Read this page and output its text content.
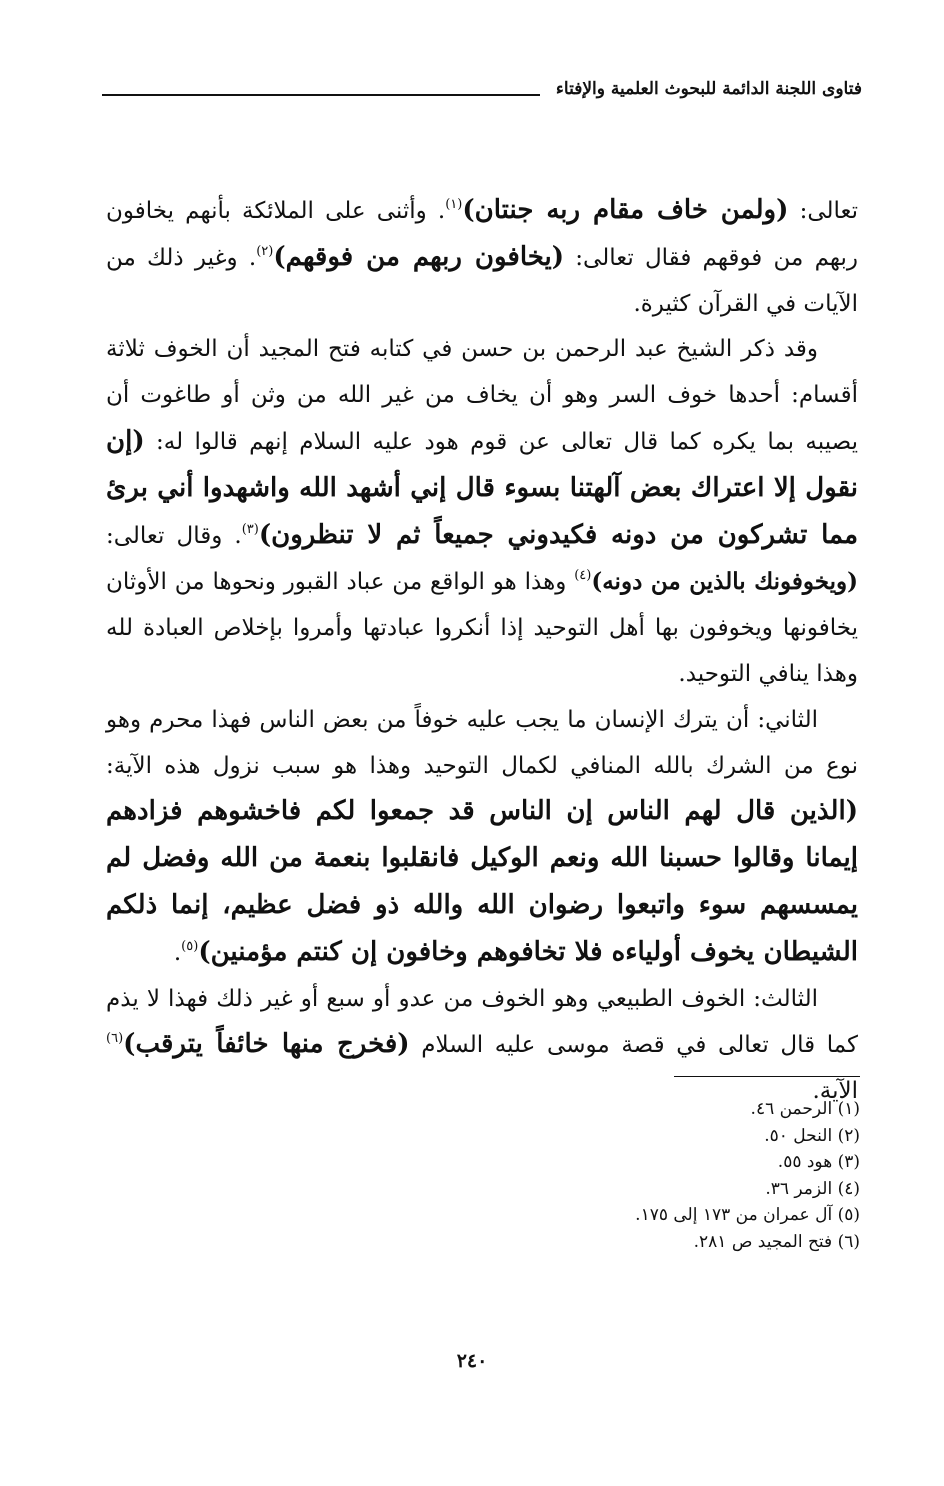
فتاوى اللجنة الدائمة للبحوث العلمية والإفتاء

تعالى: (ولمن خاف مقام ربه جنتان)$^{(١)}$. وأثنى على الملائكة بأنهم يخافون ربهم من فوقهم فقال تعالى: (يخافون ربهم من فوقهم)$^{(٢)}$. وغير ذلك من الآيات في القرآن كثيرة.

وقد ذكر الشيخ عبد الرحمن بن حسن في كتابه فتح المجيد أن الخوف ثلاثة أقسام: أحدها خوف السر وهو أن يخاف من غير الله من وثن أو طاغوت أن يصيبه بما يكره كما قال تعالى عن قوم هود عليه السلام إنهم قالوا له: (إن نقول إلا اعتراك بعض آلهتنا بسوء قال إني أشهد الله واشهدوا أني برئ مما تشركون من دونه فكيدوني جميعاً ثم لا تنظرون)$^{(٣)}$. وقال تعالى: (ويخوفونك بالذين من دونه)$^{(٤)}$ وهذا هو الواقع من عباد القبور ونحوها من الأوثان يخافونها ويخوفون بها أهل التوحيد إذا أنكروا عبادتها وأمروا بإخلاص العبادة لله وهذا ينافي التوحيد.

الثاني: أن يترك الإنسان ما يجب عليه خوفاً من بعض الناس فهذا محرم وهو نوع من الشرك بالله المنافي لكمال التوحيد وهذا هو سبب نزول هذه الآية: (الذين قال لهم الناس إن الناس قد جمعوا لكم فاخشوهم فزادهم إيمانا وقالوا حسبنا الله ونعم الوكيل فانقلبوا بنعمة من الله وفضل لم يمسسهم سوء واتبعوا رضوان الله والله ذو فضل عظيم، إنما ذلكم الشيطان يخوف أولياءه فلا تخافوهم وخافون إن كنتم مؤمنين)$^{(٥)}$.

الثالث: الخوف الطبيعي وهو الخوف من عدو أو سبع أو غير ذلك فهذا لا يذم كما قال تعالى في قصة موسى عليه السلام (فخرج منها خائفاً يترقب)$^{(٦)}$ الآية.

(١) الرحمن ٤٦.
(٢) النحل ٥٠.
(٣) هود ٥٥.
(٤) الزمر ٣٦.
(٥) آل عمران من ١٧٣ إلى ١٧٥.
(٦) فتح المجيد ص ٢٨١.
٢٤٠
